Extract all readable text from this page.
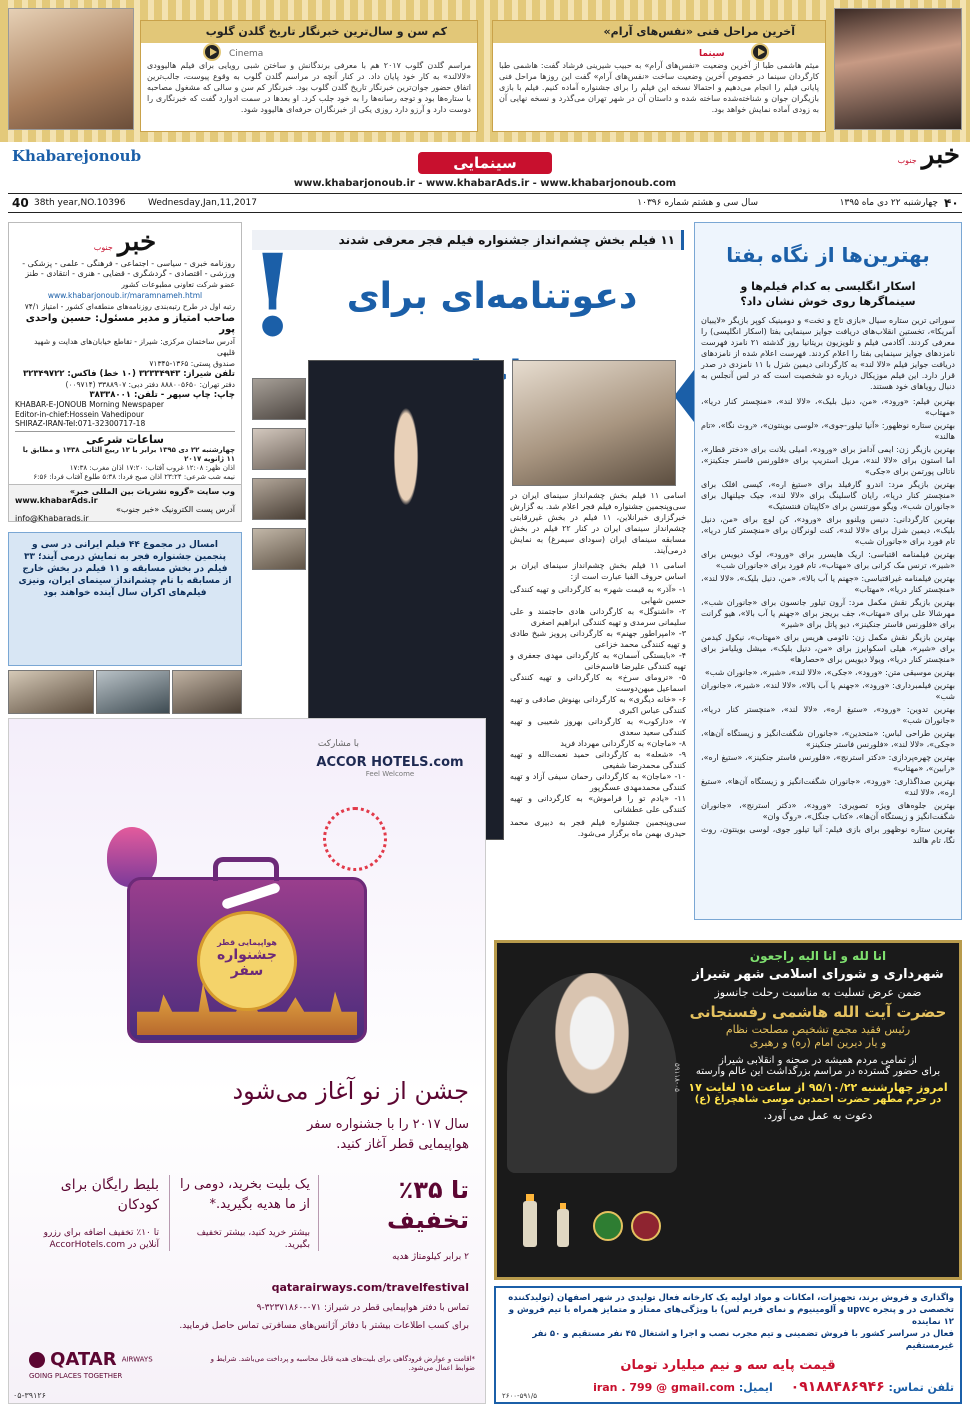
کم سن و سال‌ترین خبرنگار تاریخ گلدن گلوب
Cinema
مراسم گلدن گلوب ۲۰۱۷ هم با معرفی برندگانش و ساختن شبی رویایی برای فیلم هالیوودی «لالالند» به کار خود پایان داد. در کنار آنچه در مراسم گلدن گلوب به وقوع پیوست، جالب‌ترین اتفاق حضور جوان‌ترین خبرنگار تاریخ گلدن گلوب بود. خبرنگار کم سن و سالی که مشغول مصاحبه با ستاره‌ها بود و توجه رسانه‌ها را به خود جلب کرد. او بعدها در سمت ادوارد گفت که خبرنگاری را دوست دارد و آرزو دارد روزی یکی از خبرنگاران حرفه‌ای هالیوود شود.
آخرین مراحل فنی «نفس‌های آرام»
سینما
میثم هاشمی طبا از آخرین وضعیت «نفس‌های آرام» به حبیب شیرینی فرشاد گفت: هاشمی طبا کارگردان سینما در خصوص آخرین وضعیت ساخت «نفس‌های آرام» گفت این روزها مراحل فنی پایانی فیلم را انجام می‌دهیم و احتمالا نسخه این فیلم را برای جشنواره آماده کنیم. فیلم با بازی بازیگران جوان و شناخته‌شده ساخته شده و داستان آن در شهر تهران می‌گذرد و نسخه نهایی آن به زودی آماده نمایش خواهد بود.
Khabarejonoub	خبر جنوب
سینمایی
www.khabarjonoub.ir - www.khabarAds.ir - www.khabarjonoub.com
40 38th year,NO.10396	Wednesday,Jan,11,2017	سال سی و هشتم شماره ۱۰۳۹۶	چهارشنبه ۲۲ دی ماه ۱۳۹۵ ۴۰
بهترین‌ها از نگاه بفتا
اسکار انگلیسی به کدام فیلم‌ها و سینماگرها روی خوش نشان داد؟
سوراتی ترین ستاره سیال «بازی تاج و تخت» و دومینیک کوپر بازیگر «لایبیان آمریکا»، تخستین انقلاب‌های دریافت جوایز سینمایی بفتا (اسکار انگلیسی) را معرفی کردند. آکادمی فیلم و تلویزیون بریتانیا روز گذشته ۲۱ نامزد فهرست نامزدهای جوایز سینمایی بفتا را اعلام کردند. فهرست اعلام شده از نامزدهای دریافت جوایز فیلم «لالا لند» به کارگردانی دیمین شزل با ۱۱ نامزدی در صدر قرار دارد. این فیلم موزیکال درباره دو شخصیت است که در لس آنجلس به دنبال رویاهای خود هستند.

بهترین فیلم: «ورود»، «من، دنیل بلیک»، «لالا لند»، «منچستر کنار دریا»، «مهتاب»

بهترین ستاره نوظهور: «آنیا تیلور-جوی»، «لوسی بوینتون»، «روث نگا»، «تام هالند»

بهترین بازیگر زن: ایمی آدامز برای «ورود»، امیلی بلانت برای «دختر قطار»، اما استون برای «لالا لند»، مریل استریپ برای «فلورنس فاستر جنکینز»، ناتالی پورتمن برای «جکی»

بهترین بازیگر مرد: اندرو گارفیلد برای «ستیغ اره»، کیسی افلک برای «منچستر کنار دریا»، رایان گاسلینگ برای «لالا لند»، جیک جیلنهال برای «جانوران شب»، ویگو مورتنسن برای «کاپیتان فنتستیک»

بهترین کارگردانی: دنیس ویلنوو برای «ورود»، کن لوچ برای «من، دنیل بلیک»، دیمین شزل برای «لالا لند»، کنت لونرگان برای «منچستر کنار دریا»، تام فورد برای «جانوران شب»

بهترین فیلمنامه اقتباسی: اریک هایسرر برای «ورود»، لوک دیویس برای «شیر»، ترنس مک کرانی برای «مهتاب»، تام فورد برای «جانوران شب»

بهترین فیلمنامه غیراقتباسی: «جهنم یا آب بالا»، «من، دنیل بلیک»، «لالا لند»، «منچستر کنار دریا»، «مهتاب»

بهترین بازیگر نقش مکمل مرد: آرون تیلور جانسون برای «جانوران شب»، مهرشالا علی برای «مهتاب»، جف بریجز برای «جهنم یا آب بالا»، هیو گرانت برای «فلورنس فاستر جنکینز»، دیو پاتل برای «شیر»

بهترین بازیگر نقش مکمل زن: نائومی هریس برای «مهتاب»، نیکول کیدمن برای «شیر»، هیلی اسکوایرز برای «من، دنیل بلیک»، میشل ویلیامز برای «منچستر کنار دریا»، ویولا دیویس برای «حصارها»

بهترین موسیقی متن: «ورود»، «جکی»، «لالا لند»، «شیر»، «جانوران شب»

بهترین فیلمبرداری: «ورود»، «جهنم یا آب بالا»، «لالا لند»، «شیر»، «جانوران شب»

بهترین تدوین: «ورود»، «ستیغ اره»، «لالا لند»، «منچستر کنار دریا»، «جانوران شب»

بهترین طراحی لباس: «متحدین»، «جانوران شگفت‌انگیز و زیستگاه آن‌ها»، «جکی»، «لالا لند»، «فلورنس فاستر جنکینز»

بهترین چهره‌پردازی: «دکتر استرنج»، «فلورنس فاستر جنکینز»، «ستیغ اره»، «رابین»، «مهتاب»

بهترین صداگذاری: «ورود»، «جانوران شگفت‌انگیز و زیستگاه آن‌ها»، «ستیغ اره»، «لالا لند»

بهترین جلوه‌های ویژه تصویری: «ورود»، «دکتر استرنج»، «جانوران شگفت‌انگیز و زیستگاه آن‌ها»، «کتاب جنگل»، «روگ وان»

بهترین ستاره نوظهور برای بازی فیلم: آنیا تیلور جوی، لوسی بوینتون، روث نگا، تام هالند

۱۱ فیلم بخش چشم‌انداز جشنواره فیلم فجر معرفی شدند
!	دعوتنامه‌ای برای

اسامی ۱۱ فیلم بخش چشم‌انداز سینمای ایران در سی‌وپنجمین جشنواره فیلم فجر اعلام شد. به گزارش خبرگزاری خبرانلاین، ۱۱ فیلم در بخش غیررقابتی چشم‌انداز سینمای ایران در کنار ۲۲ فیلم در بخش مسابقه سینمای ایران (سودای سیمرغ) به نمایش درمی‌آیند.

اسامی ۱۱ فیلم بخش چشم‌انداز سینمای ایران بر اساس حروف الفبا عبارت است از:

۱- «آذر» به قیمت شهر» به کارگردانی و تهیه کنندگی حسین شهابی

۲- «اشنوگل» به کارگردانی هادی حاجتمند و علی سلیمانی سرمدی و تهیه کنندگی ابراهیم اصغری

۳- «امپراطور جهنم» به کارگردانی پرویز شیخ طادی و تهیه کنندگی محمد خزاعی

۴- «بایستگی آسمان» به کارگردانی مهدی جعفری و تهیه کنندگی علیرضا قاسم‌خانی

۵- «ترومای سرخ» به کارگردانی و تهیه کنندگی اسماعیل میهن‌دوست

۶- «خانه دیگری» به کارگردانی بهنوش صادقی و تهیه کنندگی عباس اکبری

۷- «دارکوب» به کارگردانی بهروز شعیبی و تهیه کنندگی سعید سعدی

۸- «ماجان» به کارگردانی مهرداد فرید

۹- «شعله» به کارگردانی حمید نعمت‌الله و تهیه کنندگی محمدرضا شفیعی

۱۰- «ماجان» به کارگردانی رحمان سیفی آزاد و تهیه کنندگی محمدمهدی عسگرپور

۱۱- «یادم تو را فراموش» به کارگردانی و تهیه کنندگی علی عطشانی

سی‌وپنجمین جشنواره فیلم فجر به دبیری محمد حیدری بهمن ماه برگزار می‌شود.

خبر جنوب
روزنامه خبری - سیاسی - اجتماعی - فرهنگی - علمی - پزشکی - ورزشی - اقتصادی - گردشگری - قضایی - هنری - انتقادی - طنز
عضو شرکت تعاونی مطبوعات کشور
www.khabarjonoub.ir/maramnameh.html
رتبه اول در طرح رتبه‌بندی روزنامه‌های منطقه‌ای کشور - امتیاز ۷۴/۱
صاحب امتیاز و مدیر مسئول: حسین واحدی پور
آدرس ساختمان مرکزی: شیراز - تقاطع خیابان‌های هدایت و شهید قلیهی
صندوق پستی: ۱۳۶۵-۷۱۳۴۵
تلفن شیراز: ۳۲۳۳۴۹۴۳ (۱۰ خط) فاکس: ۳۲۳۴۹۷۲۲
دفتر تهران: ۸۸۸۰۰۵۶۵۰ دفتر دبی: ۳۳۸۸۹۰۷ (۰۰۹۷۱۴)
چاپ: چاپ سپهر - تلفن: ۳۸۳۳۸۰۰۱
KHABAR-E-JONOUB Morning Newspaper
Editor-in-chief:Hossein Vahedipour
SHIRAZ-IRAN-Tel:071-32300717-18
ساعات شرعی
چهارشنبه ۲۲ دی ۱۳۹۵ برابر با ۱۲ ربیع الثانی ۱۴۳۸ و مطابق با ۱۱ ژانویه ۲۰۱۷
اذان ظهر: ۱۲:۰۸ غروب آفتاب: ۱۷:۲۰ اذان مغرب: ۱۷:۳۸
نیمه شب شرعی: ۲۳:۲۴ اذان صبح فردا: ۵:۳۸ طلوع آفتاب فردا: ۶:۵۶
وب سایت «گروه نشریات بین المللی خبر»
www.khabarAds.ir
آدرس پست الکترونیک «خبر جنوب»
info@Khabarads.ir
امسال در مجموع ۴۴ فیلم ایرانی در سی و پنجمین جشنواره فجر به نمایش درمی آیند؛ ۳۳ فیلم در بخش مسابقه و ۱۱ فیلم در بخش خارج از مسابقه با نام چشم‌انداز سینمای ایران، ونیزی فیلم‌های اکران سال آینده خواهند بود
با مشارکت
ACCOR HOTELS.com
Feel Welcome
هواپیمایی قطر
جشنواره سفر
جشن از نو آغاز می‌شود
سال ۲۰۱۷ را با جشنواره سفر
هواپیمایی قطر آغاز کنید.
بلیط رایگان برای کودکان
تا ۱۰٪ تخفیف اضافه برای رزرو آنلاین در AccorHotels.com
یک بلیت بخرید، دومی را از ما هدیه بگیرید.*
بیشتر خرید کنید، بیشتر تخفیف بگیرید.
تا ۳۵٪ تخفیف
۲ برابر کیلومتاژ هدیه
qatarairways.com/travelfestival
تماس با دفتر هواپیمایی قطر در شیراز: ۰۷۱-۳۲۳۷۱۸۶۰-۹
برای کسب اطلاعات بیشتر با دفاتر آژانس‌های مسافرتی تماس حاصل فرمایید.
QATAR AIRWAYS
GOING PLACES TOGETHER
*اقامت و عوارض فرودگاهی برای بلیت‌های هدیه قابل محاسبه و پرداخت می‌باشد. شرایط و ضوابط اعمال می‌شود.
۰۵-۳۹۱۲۶
انا لله و انا الیه راجعون
شهرداری و شورای اسلامی شهر شیراز
ضمن عرض تسلیت به مناسبت رحلت جانسوز
حضرت آیت الله هاشمی رفسنجانی
رئیس فقید مجمع تشخیص مصلحت نظام
و یار دیرین امام (ره) و رهبری
از تمامی مردم همیشه در صحنه و انقلابی شیراز
برای حضور گسترده در مراسم بزرگداشت این عالم وارسته
امروز چهارشنبه ۹۵/۱۰/۲۲ از ساعت ۱۵ لغایت ۱۷
در حرم مطهر حضرت احمدبن موسی شاهچراغ (ع)
دعوت به عمل می آورد.
۵۹۱۱۸-۰۵
واگذاری و فروش برند، تجهیزات، امکانات و مواد اولیه یک کارخانه فعال تولیدی در شهر اصفهان (تولیدکننده
تخصصی در و پنجره upvc و آلومینیوم و نمای فریم لس) با ویژگی‌های ممتاز و متمایز همراه با تیم فروش و ۱۲ نماینده
فعال در سراسر کشور با فروش تضمینی و تیم مجرب نصب و اجرا و اشتغال ۴۵ نفر مستقیم و ۵۰ نفر غیرمستقیم
قیمت پایه سه و نیم میلیارد تومان
تلفن تماس: ۰۹۱۸۸۴۸۶۹۴۶ ایمیل: iran . 799 @ gmail.com
۲۶۰۰-۵۹۱/۵
